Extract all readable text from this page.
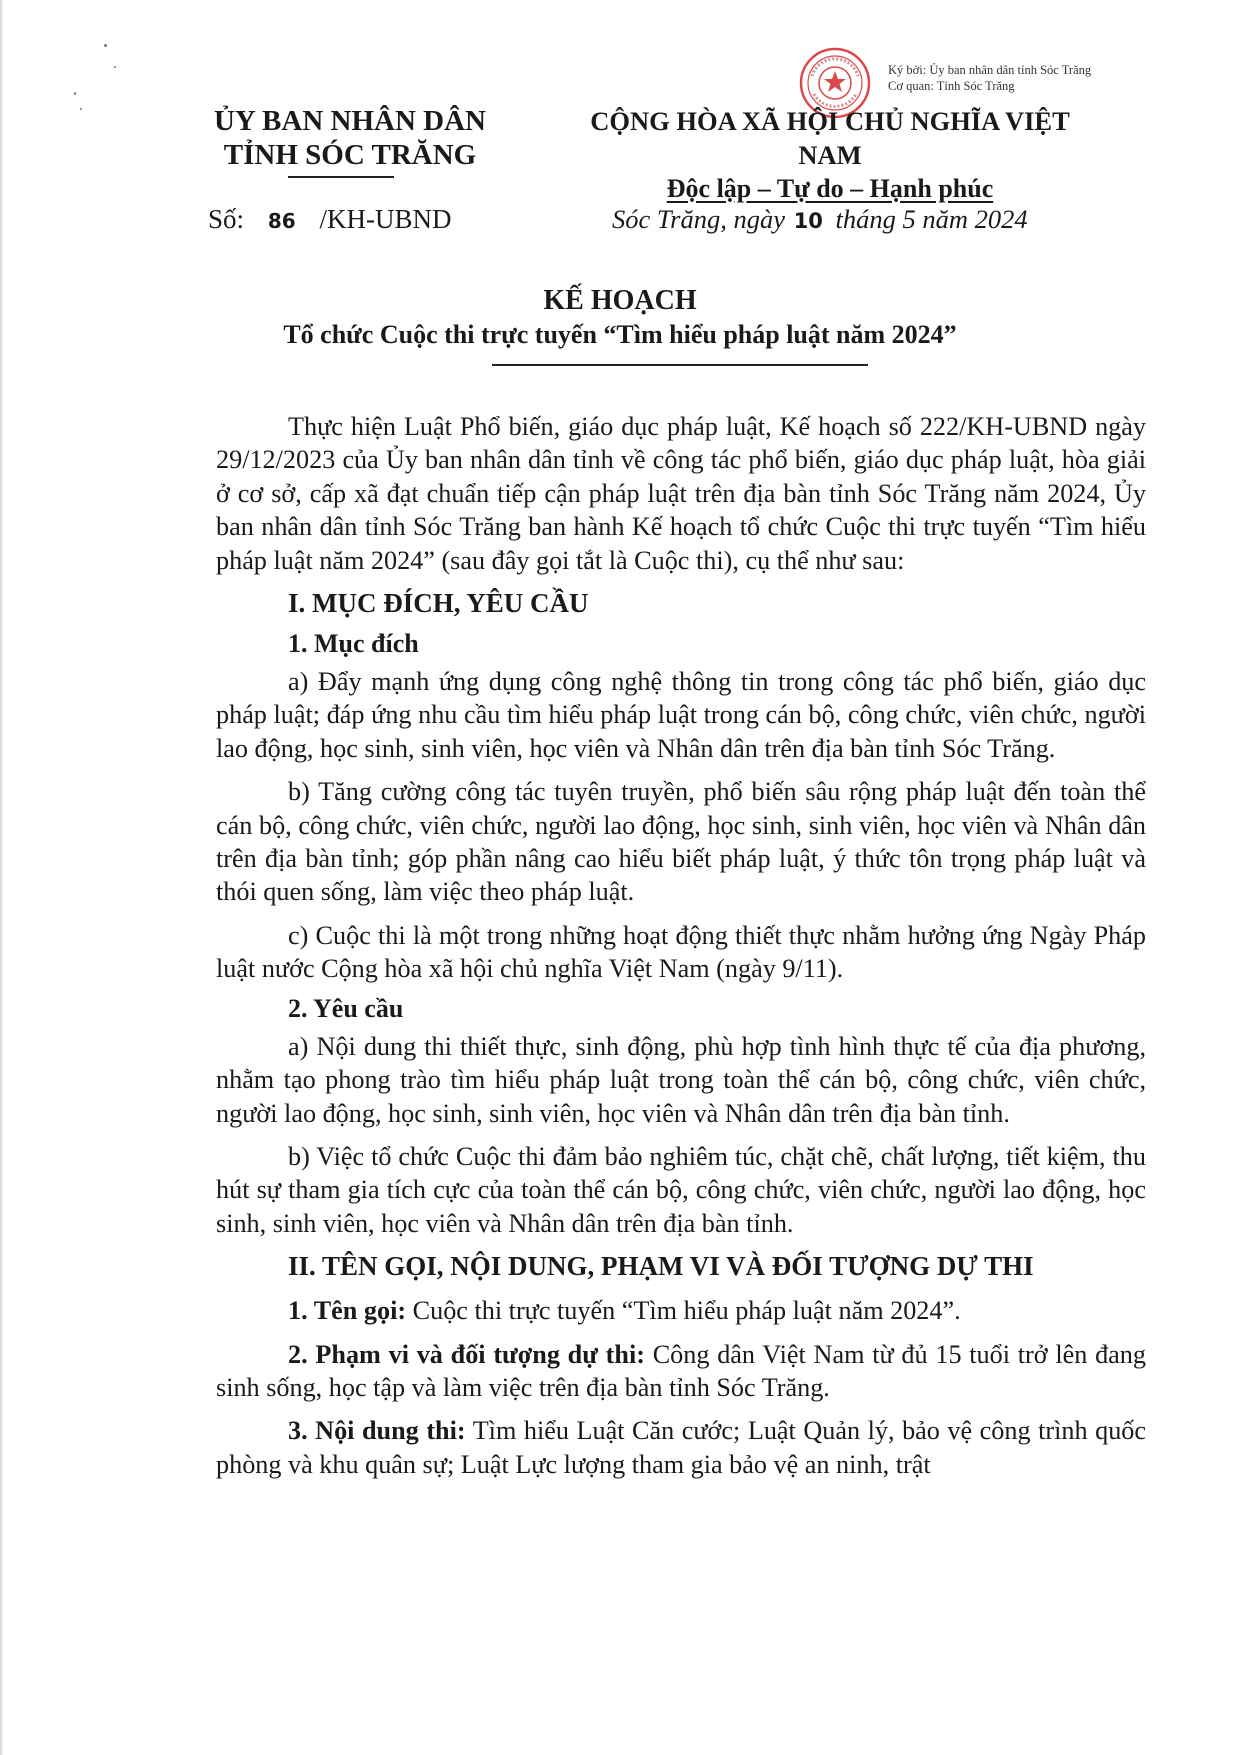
Ký bởi: Ủy ban nhân dân tỉnh Sóc Trăng
Cơ quan: Tỉnh Sóc Trăng
ỦY BAN NHÂN DÂN
TỈNH SÓC TRĂNG
CỘNG HÒA XÃ HỘI CHỦ NGHĨA VIỆT NAM
Độc lập – Tự do – Hạnh phúc
Số: 86 /KH-UBND	Sóc Trăng, ngày 10 tháng 5 năm 2024
KẾ HOẠCH
Tổ chức Cuộc thi trực tuyến “Tìm hiểu pháp luật năm 2024”

Thực hiện Luật Phổ biến, giáo dục pháp luật, Kế hoạch số 222/KH-UBND ngày 29/12/2023 của Ủy ban nhân dân tỉnh về công tác phổ biến, giáo dục pháp luật, hòa giải ở cơ sở, cấp xã đạt chuẩn tiếp cận pháp luật trên địa bàn tỉnh Sóc Trăng năm 2024, Ủy ban nhân dân tỉnh Sóc Trăng ban hành Kế hoạch tổ chức Cuộc thi trực tuyến “Tìm hiểu pháp luật năm 2024” (sau đây gọi tắt là Cuộc thi), cụ thể như sau:

I. MỤC ĐÍCH, YÊU CẦU
1. Mục đích

a) Đẩy mạnh ứng dụng công nghệ thông tin trong công tác phổ biến, giáo dục pháp luật; đáp ứng nhu cầu tìm hiểu pháp luật trong cán bộ, công chức, viên chức, người lao động, học sinh, sinh viên, học viên và Nhân dân trên địa bàn tỉnh Sóc Trăng.

b) Tăng cường công tác tuyên truyền, phổ biến sâu rộng pháp luật đến toàn thể cán bộ, công chức, viên chức, người lao động, học sinh, sinh viên, học viên và Nhân dân trên địa bàn tỉnh; góp phần nâng cao hiểu biết pháp luật, ý thức tôn trọng pháp luật và thói quen sống, làm việc theo pháp luật.

c) Cuộc thi là một trong những hoạt động thiết thực nhằm hưởng ứng Ngày Pháp luật nước Cộng hòa xã hội chủ nghĩa Việt Nam (ngày 9/11).

2. Yêu cầu

a) Nội dung thi thiết thực, sinh động, phù hợp tình hình thực tế của địa phương, nhằm tạo phong trào tìm hiểu pháp luật trong toàn thể cán bộ, công chức, viên chức, người lao động, học sinh, sinh viên, học viên và Nhân dân trên địa bàn tỉnh.

b) Việc tổ chức Cuộc thi đảm bảo nghiêm túc, chặt chẽ, chất lượng, tiết kiệm, thu hút sự tham gia tích cực của toàn thể cán bộ, công chức, viên chức, người lao động, học sinh, sinh viên, học viên và Nhân dân trên địa bàn tỉnh.

II. TÊN GỌI, NỘI DUNG, PHẠM VI VÀ ĐỐI TƯỢNG DỰ THI

1. Tên gọi: Cuộc thi trực tuyến “Tìm hiểu pháp luật năm 2024”.

2. Phạm vi và đối tượng dự thi: Công dân Việt Nam từ đủ 15 tuổi trở lên đang sinh sống, học tập và làm việc trên địa bàn tỉnh Sóc Trăng.

3. Nội dung thi: Tìm hiểu Luật Căn cước; Luật Quản lý, bảo vệ công trình quốc phòng và khu quân sự; Luật Lực lượng tham gia bảo vệ an ninh, trật
